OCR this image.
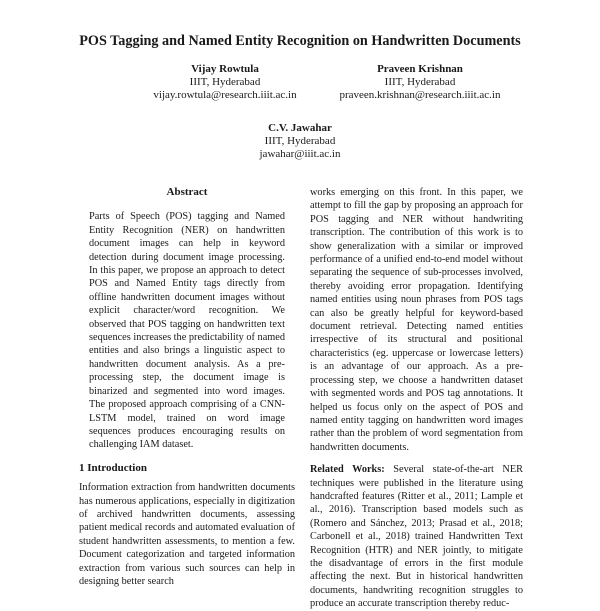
POS Tagging and Named Entity Recognition on Handwritten Documents
Vijay Rowtula
IIIT, Hyderabad
vijay.rowtula@research.iiit.ac.in
Praveen Krishnan
IIIT, Hyderabad
praveen.krishnan@research.iiit.ac.in
C.V. Jawahar
IIIT, Hyderabad
jawahar@iiit.ac.in
Abstract
Parts of Speech (POS) tagging and Named Entity Recognition (NER) on handwritten document images can help in keyword detection during document image processing. In this paper, we propose an approach to detect POS and Named Entity tags directly from offline handwritten document images without explicit character/word recognition. We observed that POS tagging on handwritten text sequences increases the predictability of named entities and also brings a linguistic aspect to handwritten document analysis. As a pre-processing step, the document image is binarized and segmented into word images. The proposed approach comprising of a CNN-LSTM model, trained on word image sequences produces encouraging results on challenging IAM dataset.
1 Introduction

Information extraction from handwritten documents has numerous applications, especially in digitization of archived handwritten documents, assessing patient medical records and automated evaluation of student handwritten assessments, to mention a few. Document categorization and targeted information extraction from various such sources can help in designing better search

works emerging on this front. In this paper, we attempt to fill the gap by proposing an approach for POS tagging and NER without handwriting transcription. The contribution of this work is to show generalization with a similar or improved performance of a unified end-to-end model without separating the sequence of sub-processes involved, thereby avoiding error propagation. Identifying named entities using noun phrases from POS tags can also be greatly helpful for keyword-based document retrieval. Detecting named entities irrespective of its structural and positional characteristics (eg. uppercase or lowercase letters) is an advantage of our approach. As a pre-processing step, we choose a handwritten dataset with segmented words and POS tag annotations. It helped us focus only on the aspect of POS and named entity tagging on handwritten word images rather than the problem of word segmentation from handwritten documents.

Related Works: Several state-of-the-art NER techniques were published in the literature using handcrafted features (Ritter et al., 2011; Lample et al., 2016). Transcription based models such as (Romero and Sánchez, 2013; Prasad et al., 2018; Carbonell et al., 2018) trained Handwritten Text Recognition (HTR) and NER jointly, to mitigate the disadvantage of errors in the first module affecting the next. But in historical handwritten documents, handwriting recognition struggles to produce an accurate transcription thereby reduc-
